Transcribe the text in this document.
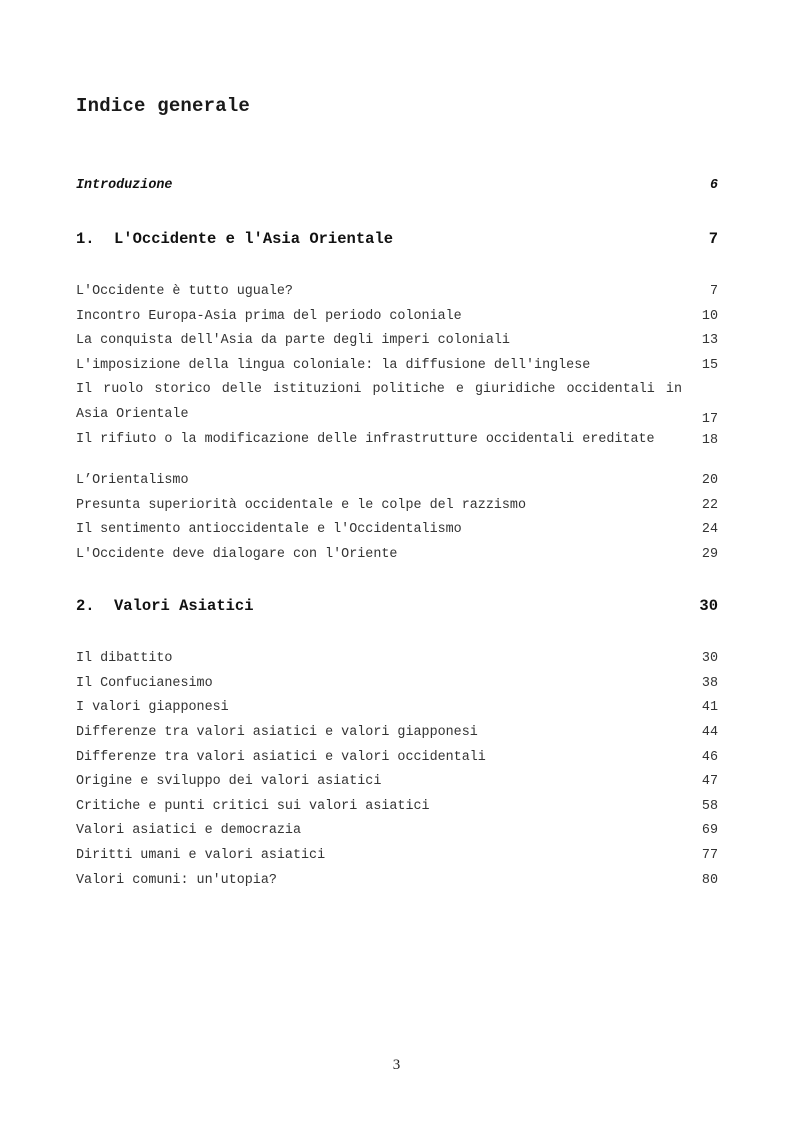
Indice generale
Introduzione	6
1. L'Occidente e l'Asia Orientale	7
L'Occidente è tutto uguale?	7
Incontro Europa-Asia prima del periodo coloniale	10
La conquista dell'Asia da parte degli imperi coloniali	13
L'imposizione della lingua coloniale: la diffusione dell'inglese	15
Il ruolo storico delle istituzioni politiche e giuridiche occidentali in Asia Orientale	17
Il rifiuto o la modificazione delle infrastrutture occidentali ereditate	18
L’Orientalismo	20
Presunta superiorità occidentale e le colpe del razzismo	22
Il sentimento antioccidentale e l'Occidentalismo	24
L'Occidente deve dialogare con l'Oriente	29
2. Valori Asiatici	30
Il dibattito	30
Il Confucianesimo	38
I valori giapponesi	41
Differenze tra valori asiatici e valori giapponesi	44
Differenze tra valori asiatici e valori occidentali	46
Origine e sviluppo dei valori asiatici	47
Critiche e punti critici sui valori asiatici	58
Valori asiatici e democrazia	69
Diritti umani e valori asiatici	77
Valori comuni: un'utopia?	80
3
